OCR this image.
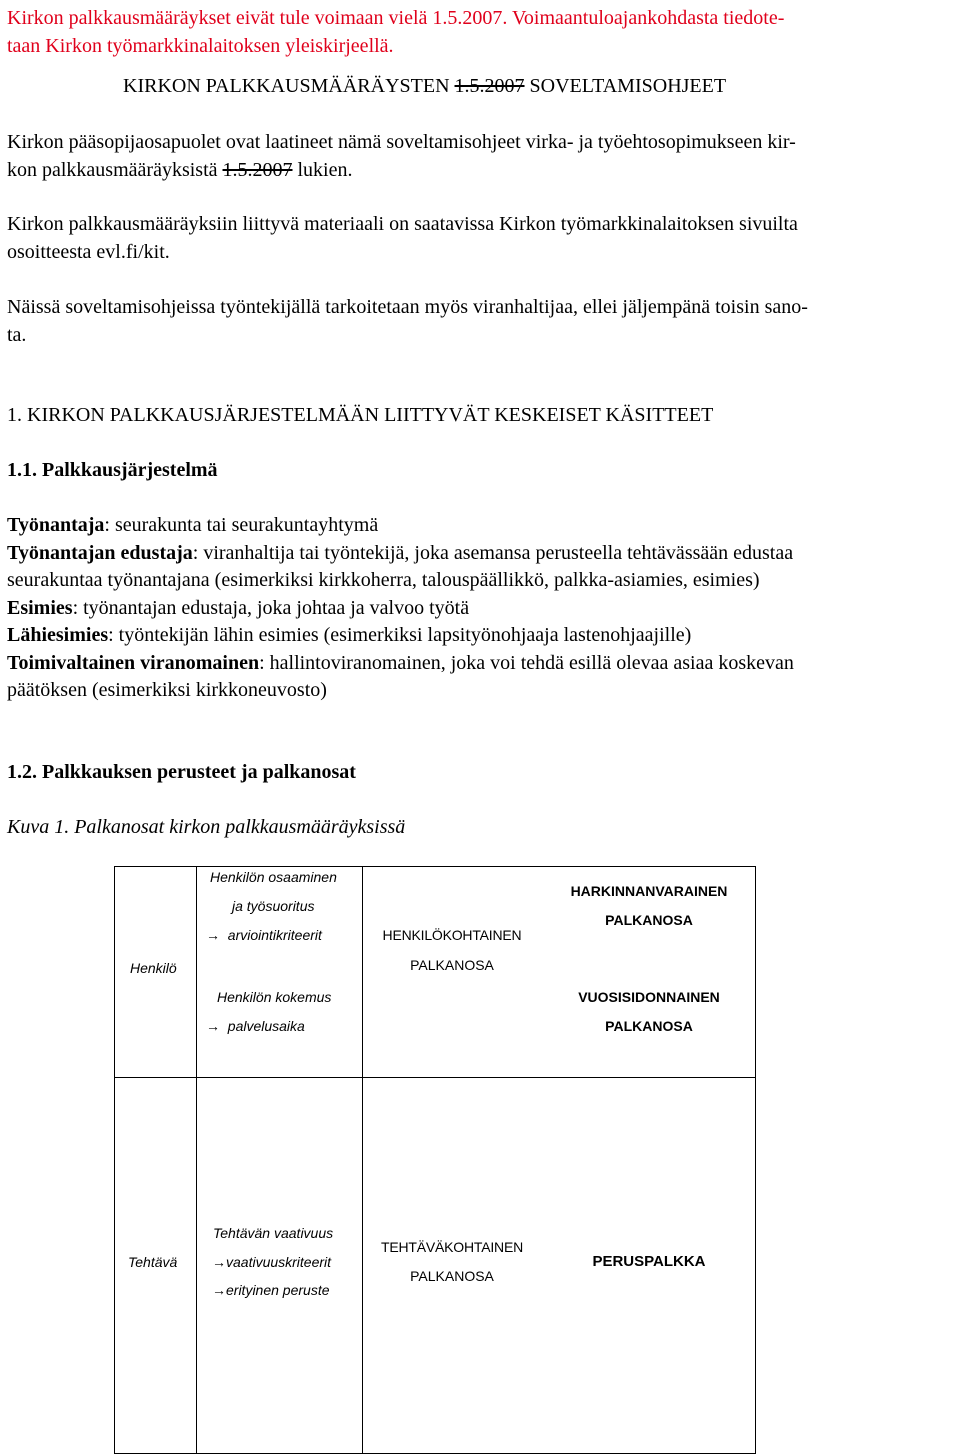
Kirkon palkkausmääräykset eivät tule voimaan vielä 1.5.2007. Voimaantuloajankohdasta tiedote-
taan Kirkon työmarkkinalaitoksen yleiskirjeellä.
KIRKON PALKKAUSMÄÄRÄYSTEN 1.5.2007 SOVELTAMISOHJEET
Kirkon pääsopijaosapuolet ovat laatineet nämä soveltamisohjeet virka- ja työehtosopimukseen kir-
kon palkkausmääräyksistä 1.5.2007 lukien.
Kirkon palkkausmääräyksiin liittyvä materiaali on saatavissa Kirkon työmarkkinalaitoksen sivuilta
osoitteesta evl.fi/kit.
Näissä soveltamisohjeissa työntekijällä tarkoitetaan myös viranhaltijaa, ellei jäljempänä toisin sano-
ta.
1. KIRKON PALKKAUSJÄRJESTELMÄÄN LIITTYVÄT KESKEISET KÄSITTEET
1.1. Palkkausjärjestelmä
Työnantaja: seurakunta tai seurakuntayhtymä
Työnantajan edustaja: viranhaltija tai työntekijä, joka asemansa perusteella tehtävässään edustaa
seurakuntaa työnantajana (esimerkiksi kirkkoherra, talouspäällikkö, palkka-asiamies, esimies)
Esimies: työnantajan edustaja, joka johtaa ja valvoo työtä
Lähiesimies: työntekijän lähin esimies (esimerkiksi lapsityönohjaaja lastenohjaajille)
Toimivaltainen viranomainen: hallintoviranomainen, joka voi tehdä esillä olevaa asiaa koskevan
päätöksen (esimerkiksi kirkkoneuvosto)
1.2. Palkkauksen perusteet ja palkanosat
Kuva 1. Palkanosat kirkon palkkausmääräyksissä
Henkilö
Henkilön osaaminen
ja työsuoritus
→ arviointikriteerit
Henkilön kokemus
→ palvelusaika
HENKILÖKOHTAINEN
PALKANOSA
HARKINNANVARAINEN
PALKANOSA
VUOSISIDONNAINEN
PALKANOSA
Tehtävä
Tehtävän vaativuus
→vaativuuskriteerit
→erityinen peruste
TEHTÄVÄKOHTAINEN
PALKANOSA
PERUSPALKKA
